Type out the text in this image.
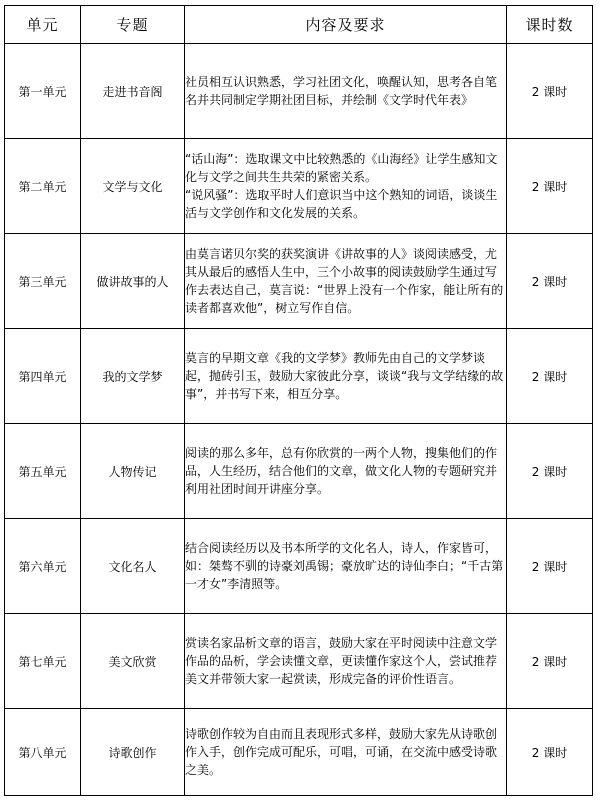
单元	专题	内容及要求	课时数
第一单元	走进书音阁	社员相互认识熟悉，学习社团文化，唤醒认知，思考各自笔名并共同制定学期社团目标，并绘制《文学时代年表》	2 课时
第二单元	文学与文化	“话山海”：选取课文中比较熟悉的《山海经》让学生感知文化与文学之间共生共荣的紧密关系。
“说风骚”：选取平时人们意识当中这个熟知的词语，谈谈生活与文学创作和文化发展的关系。	2 课时
第三单元	做讲故事的人	由莫言诺贝尔奖的获奖演讲《讲故事的人》谈阅读感受，尤其从最后的感悟人生中，三个小故事的阅读鼓励学生通过写作去表达自己，莫言说：“世界上没有一个作家，能让所有的读者都喜欢他”，树立写作自信。	2 课时
第四单元	我的文学梦	莫言的早期文章《我的文学梦》教师先由自己的文学梦谈起，抛砖引玉，鼓励大家彼此分享，谈谈“我与文学结缘的故事”，并书写下来，相互分享。	2 课时
第五单元	人物传记	阅读的那么多年，总有你欣赏的一两个人物，搜集他们的作品，人生经历，结合他们的文章，做文化人物的专题研究并利用社团时间开讲座分享。	2 课时
第六单元	文化名人	结合阅读经历以及书本所学的文化名人，诗人，作家皆可，如：桀骜不驯的诗豪刘禹锡；豪放旷达的诗仙李白；“千古第一才女”李清照等。	2 课时
第七单元	美文欣赏	赏读名家品析文章的语言，鼓励大家在平时阅读中注意文学作品的品析，学会读懂文章，更读懂作家这个人，尝试推荐美文并带领大家一起赏读，形成完备的评价性语言。	2 课时
第八单元	诗歌创作	诗歌创作较为自由而且表现形式多样，鼓励大家先从诗歌创作入手，创作完成可配乐，可唱，可诵，在交流中感受诗歌之美。	2 课时
